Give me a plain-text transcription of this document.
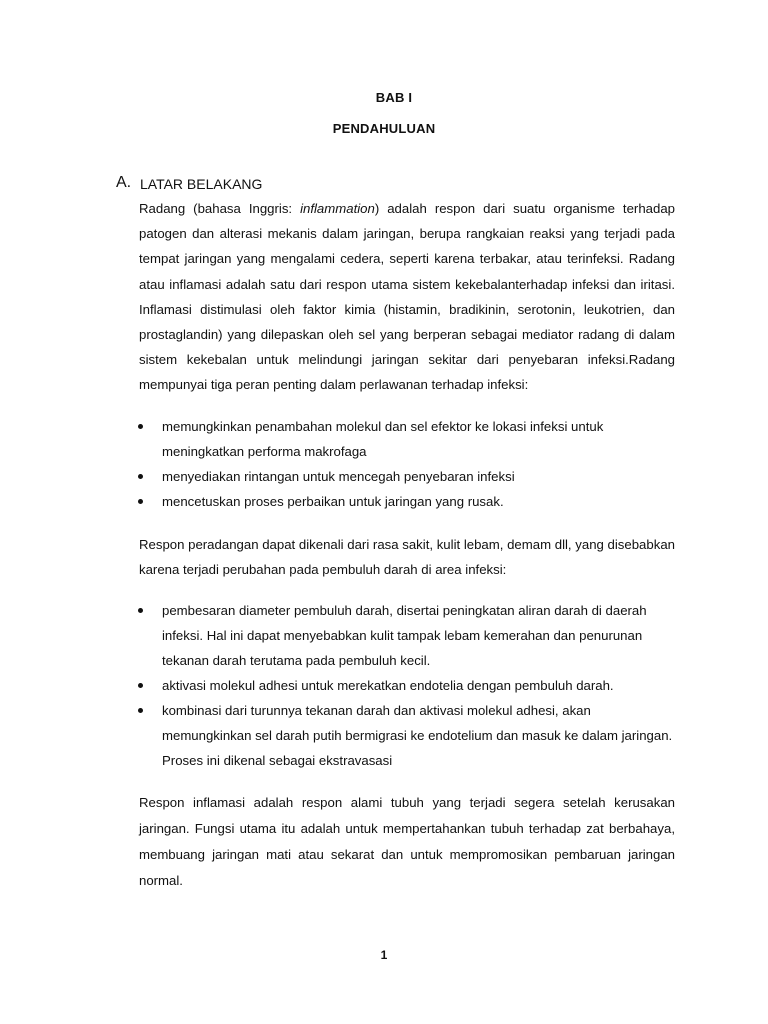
BAB I
PENDAHULUAN
A. LATAR BELAKANG
Radang (bahasa Inggris: inflammation) adalah respon dari suatu organisme terhadap patogen dan alterasi mekanis dalam jaringan, berupa rangkaian reaksi yang terjadi pada tempat jaringan yang mengalami cedera, seperti karena terbakar, atau terinfeksi. Radang atau inflamasi adalah satu dari respon utama sistem kekebalanterhadap infeksi dan iritasi. Inflamasi distimulasi oleh faktor kimia (histamin, bradikinin, serotonin, leukotrien, dan prostaglandin) yang dilepaskan oleh sel yang berperan sebagai mediator radang di dalam sistem kekebalan untuk melindungi jaringan sekitar dari penyebaran infeksi.Radang mempunyai tiga peran penting dalam perlawanan terhadap infeksi:
memungkinkan penambahan molekul dan sel efektor ke lokasi infeksi untuk meningkatkan performa makrofaga
menyediakan rintangan untuk mencegah penyebaran infeksi
mencetuskan proses perbaikan untuk jaringan yang rusak.
Respon peradangan dapat dikenali dari rasa sakit, kulit lebam, demam dll, yang disebabkan karena terjadi perubahan pada pembuluh darah di area infeksi:
pembesaran diameter pembuluh darah, disertai peningkatan aliran darah di daerah infeksi. Hal ini dapat menyebabkan kulit tampak lebam kemerahan dan penurunan tekanan darah terutama pada pembuluh kecil.
aktivasi molekul adhesi untuk merekatkan endotelia dengan pembuluh darah.
kombinasi dari turunnya tekanan darah dan aktivasi molekul adhesi, akan memungkinkan sel darah putih bermigrasi ke endotelium dan masuk ke dalam jaringan. Proses ini dikenal sebagai ekstravasasi
Respon inflamasi adalah respon alami tubuh yang terjadi segera setelah kerusakan jaringan. Fungsi utama itu adalah untuk mempertahankan tubuh terhadap zat berbahaya, membuang jaringan mati atau sekarat dan untuk mempromosikan pembaruan jaringan normal.
1
